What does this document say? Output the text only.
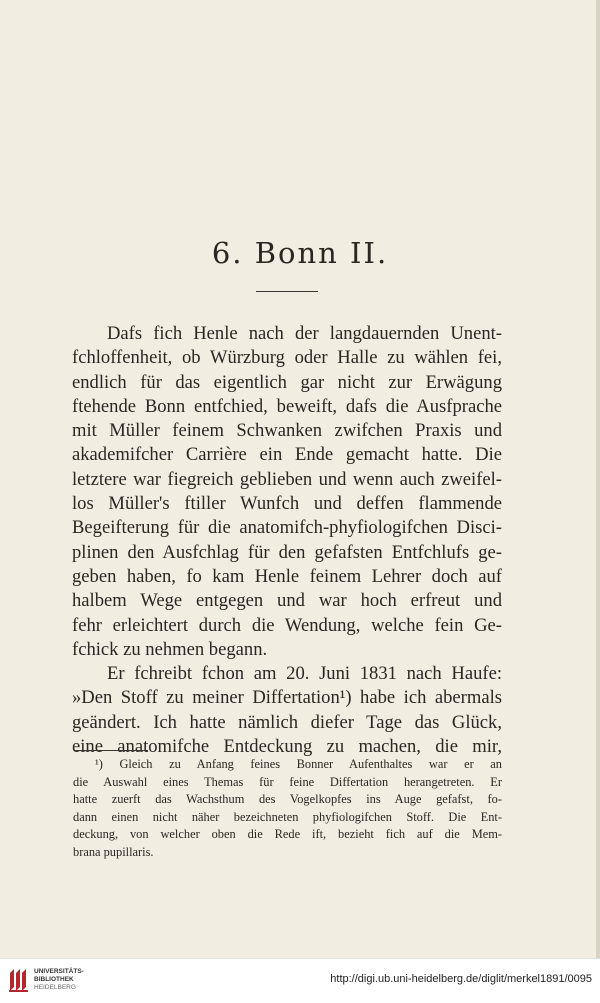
6. Bonn II.
Dafs fich Henle nach der langdauernden Unent-
fchloffenheit, ob Würzburg oder Halle zu wählen fei,
endlich für das eigentlich gar nicht zur Erwägung
ftehende Bonn entfchied, beweift, dafs die Ausfprache
mit Müller feinem Schwanken zwifchen Praxis und
akademifcher Carrière ein Ende gemacht hatte. Die
letztere war fiegreich geblieben und wenn auch zweifel-
los Müller's ftiller Wunfch und deffen flammende
Begeifterung für die anatomifch-phyfiologifchen Disci-
plinen den Ausfchlag für den gefafsten Entfchlufs ge-
geben haben, fo kam Henle feinem Lehrer doch auf
halbem Wege entgegen und war hoch erfreut und
fehr erleichtert durch die Wendung, welche fein Ge-
fchick zu nehmen begann.
Er fchreibt fchon am 20. Juni 1831 nach Haufe:
»Den Stoff zu meiner Differtation¹) habe ich abermals
geändert. Ich hatte nämlich diefer Tage das Glück,
eine anatomifche Entdeckung zu machen, die mir,
¹) Gleich zu Anfang feines Bonner Aufenthaltes war er an
die Auswahl eines Themas für feine Differtation herangetreten. Er
hatte zuerft das Wachsthum des Vogelkopfes ins Auge gefafst, fo-
dann einen nicht näher bezeichneten phyfiologifchen Stoff. Die Ent-
deckung, von welcher oben die Rede ift, bezieht fich auf die Mem-
brana pupillaris.
UNIVERSITÄTS-
BIBLIOTHEK
HEIDELBERG
http://digi.ub.uni-heidelberg.de/diglit/merkel1891/0095
